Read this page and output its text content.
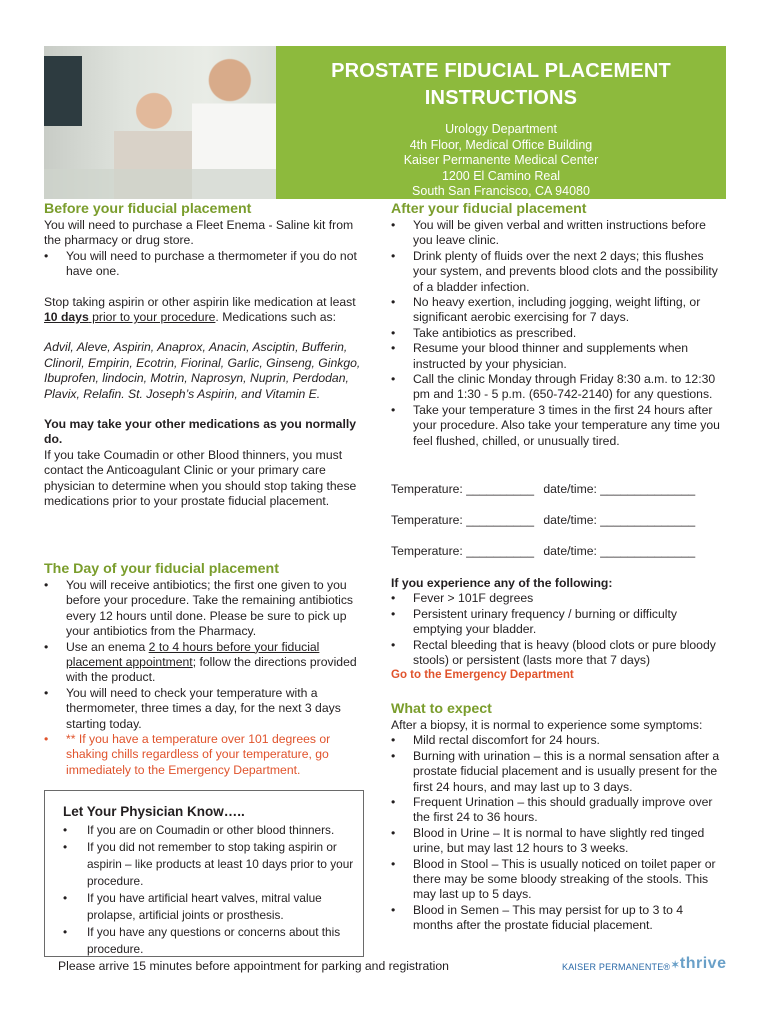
PROSTATE FIDUCIAL PLACEMENT
INSTRUCTIONS
Urology Department
4th Floor, Medical Office Building
Kaiser Permanente Medical Center
1200 El Camino Real
South San Francisco, CA 94080
Before your fiducial placement
You will need to purchase a Fleet Enema - Saline kit from the pharmacy or drug store.
• You will need to purchase a thermometer if you do not have one.
Stop taking aspirin or other aspirin like medication at least 10 days prior to your procedure. Medications such as:
Advil, Aleve, Aspirin, Anaprox, Anacin, Asciptin, Bufferin, Clinoril, Empirin, Ecotrin, Fiorinal, Garlic, Ginseng, Ginkgo, Ibuprofen, lindocin, Motrin, Naprosyn, Nuprin, Perdodan, Plavix, Relafin. St. Joseph’s Aspirin, and Vitamin E.
You may take your other medications as you normally do.
If you take Coumadin or other Blood thinners, you must contact the Anticoagulant Clinic or your primary care physician to determine when you should stop taking these medications prior to your prostate fiducial placement.
The Day of your fiducial placement
• You will receive antibiotics; the first one given to you before your procedure. Take the remaining antibiotics every 12 hours until done. Please be sure to pick up your antibiotics from the Pharmacy.
• Use an enema 2 to 4 hours before your fiducial placement appointment; follow the directions provided with the product.
• You will need to check your temperature with a thermometer, three times a day, for the next 3 days starting today.
• ** If you have a temperature over 101 degrees or shaking chills regardless of your temperature, go immediately to the Emergency Department.
Let Your Physician Know…..
• If you are on Coumadin or other blood thinners.
• If you did not remember to stop taking aspirin or aspirin – like products at least 10 days prior to your procedure.
• If you have artificial heart valves, mitral value prolapse, artificial joints or prosthesis.
• If you have any questions or concerns about this procedure.
After your fiducial placement
• You will be given verbal and written instructions before you leave clinic.
• Drink plenty of fluids over the next 2 days; this flushes your system, and prevents blood clots and the possibility of a bladder infection.
• No heavy exertion, including jogging, weight lifting, or significant aerobic exercising for 7 days.
• Take antibiotics as prescribed.
• Resume your blood thinner and supplements when instructed by your physician.
• Call the clinic Monday through Friday 8:30 a.m. to 12:30 pm and 1:30 - 5 p.m. (650-742-2140) for any questions.
• Take your temperature 3 times in the first 24 hours after your procedure. Also take your temperature any time you feel flushed, chilled, or unusually tired.
Temperature: __________ date/time: ______________
Temperature: __________ date/time: ______________
Temperature: __________ date/time: ______________
If you experience any of the following:
• Fever > 101F degrees
• Persistent urinary frequency / burning or difficulty emptying your bladder.
• Rectal bleeding that is heavy (blood clots or pure bloody stools) or persistent (lasts more that 7 days)
Go to the Emergency Department
What to expect
After a biopsy, it is normal to experience some symptoms:
• Mild rectal discomfort for 24 hours.
• Burning with urination – this is a normal sensation after a prostate fiducial placement and is usually present for the first 24 hours, and may last up to 3 days.
• Frequent Urination – this should gradually improve over the first 24 to 36 hours.
• Blood in Urine – It is normal to have slightly red tinged urine, but may last 12 hours to 3 weeks.
• Blood in Stool – This is usually noticed on toilet paper or there may be some bloody streaking of the stools. This may last up to 5 days.
• Blood in Semen – This may persist for up to 3 to 4 months after the prostate fiducial placement.
Please arrive 15 minutes before appointment for parking and registration	KAISER PERMANENTE® ✶thrive
